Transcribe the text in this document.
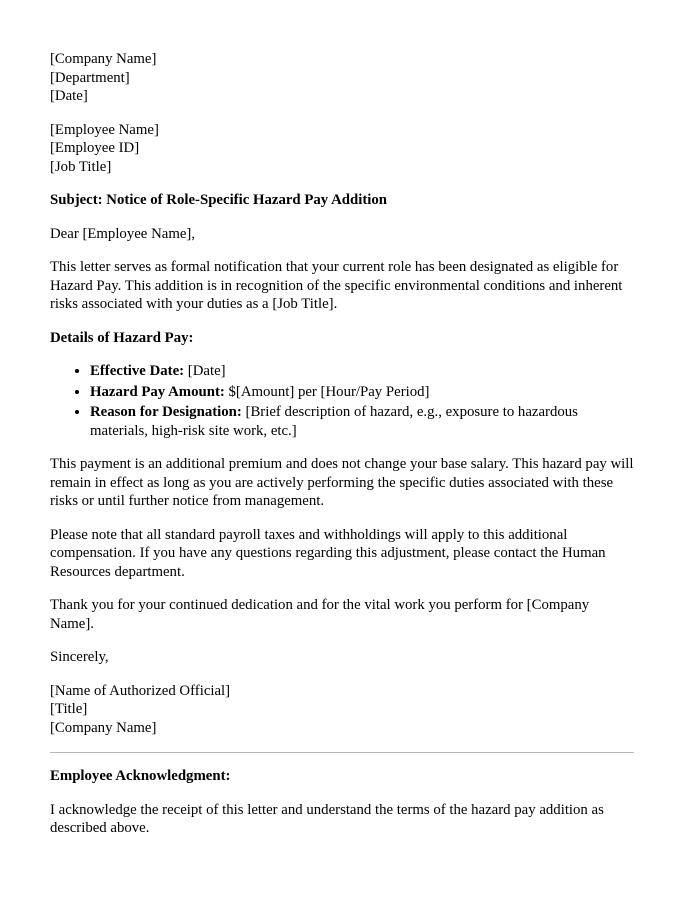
[Company Name]
[Department]
[Date]
[Employee Name]
[Employee ID]
[Job Title]
Subject: Notice of Role-Specific Hazard Pay Addition

Dear [Employee Name],

This letter serves as formal notification that your current role has been designated as eligible for Hazard Pay. This addition is in recognition of the specific environmental conditions and inherent risks associated with your duties as a [Job Title].

Details of Hazard Pay:
• Effective Date: [Date]
• Hazard Pay Amount: $[Amount] per [Hour/Pay Period]
• Reason for Designation: [Brief description of hazard, e.g., exposure to hazardous materials, high-risk site work, etc.]

This payment is an additional premium and does not change your base salary. This hazard pay will remain in effect as long as you are actively performing the specific duties associated with these risks or until further notice from management.

Please note that all standard payroll taxes and withholdings will apply to this additional compensation. If you have any questions regarding this adjustment, please contact the Human Resources department.

Thank you for your continued dedication and for the vital work you perform for [Company Name].

Sincerely,

[Name of Authorized Official]
[Title]
[Company Name]
Employee Acknowledgment:

I acknowledge the receipt of this letter and understand the terms of the hazard pay addition as described above.
